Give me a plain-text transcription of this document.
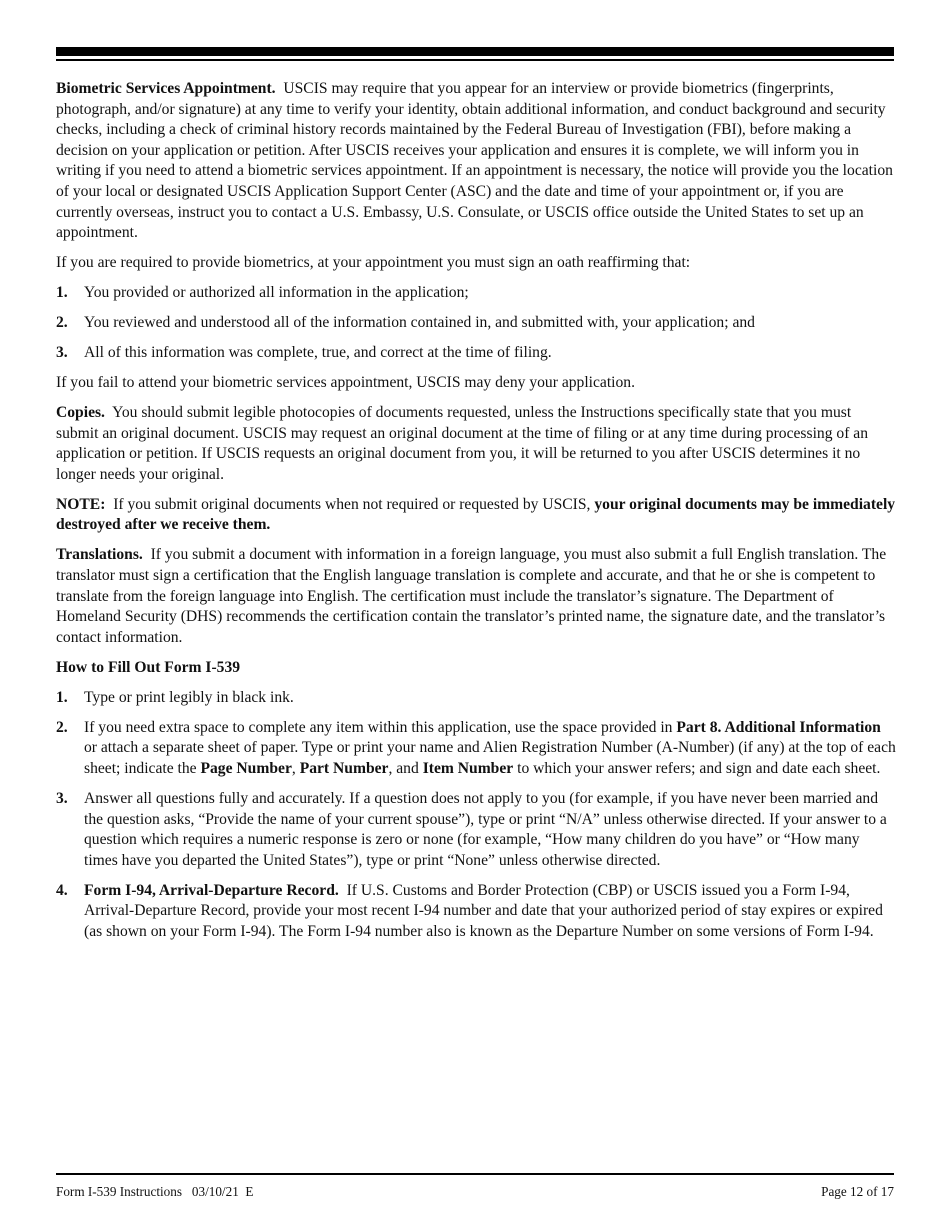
Biometric Services Appointment. USCIS may require that you appear for an interview or provide biometrics (fingerprints, photograph, and/or signature) at any time to verify your identity, obtain additional information, and conduct background and security checks, including a check of criminal history records maintained by the Federal Bureau of Investigation (FBI), before making a decision on your application or petition. After USCIS receives your application and ensures it is complete, we will inform you in writing if you need to attend a biometric services appointment. If an appointment is necessary, the notice will provide you the location of your local or designated USCIS Application Support Center (ASC) and the date and time of your appointment or, if you are currently overseas, instruct you to contact a U.S. Embassy, U.S. Consulate, or USCIS office outside the United States to set up an appointment.

If you are required to provide biometrics, at your appointment you must sign an oath reaffirming that:

1.	You provided or authorized all information in the application;
2.	You reviewed and understood all of the information contained in, and submitted with, your application; and
3.	All of this information was complete, true, and correct at the time of filing.

If you fail to attend your biometric services appointment, USCIS may deny your application.

Copies. You should submit legible photocopies of documents requested, unless the Instructions specifically state that you must submit an original document. USCIS may request an original document at the time of filing or at any time during processing of an application or petition. If USCIS requests an original document from you, it will be returned to you after USCIS determines it no longer needs your original.

NOTE: If you submit original documents when not required or requested by USCIS, your original documents may be immediately destroyed after we receive them.

Translations. If you submit a document with information in a foreign language, you must also submit a full English translation. The translator must sign a certification that the English language translation is complete and accurate, and that he or she is competent to translate from the foreign language into English. The certification must include the translator’s signature. The Department of Homeland Security (DHS) recommends the certification contain the translator’s printed name, the signature date, and the translator’s contact information.

How to Fill Out Form I-539

1.	Type or print legibly in black ink.
2.	If you need extra space to complete any item within this application, use the space provided in Part 8. Additional Information or attach a separate sheet of paper. Type or print your name and Alien Registration Number (A-Number) (if any) at the top of each sheet; indicate the Page Number, Part Number, and Item Number to which your answer refers; and sign and date each sheet.
3.	Answer all questions fully and accurately. If a question does not apply to you (for example, if you have never been married and the question asks, “Provide the name of your current spouse”), type or print “N/A” unless otherwise directed. If your answer to a question which requires a numeric response is zero or none (for example, “How many children do you have” or “How many times have you departed the United States”), type or print “None” unless otherwise directed.
4.	Form I-94, Arrival-Departure Record. If U.S. Customs and Border Protection (CBP) or USCIS issued you a Form I-94, Arrival-Departure Record, provide your most recent I-94 number and date that your authorized period of stay expires or expired (as shown on your Form I-94). The Form I-94 number also is known as the Departure Number on some versions of Form I-94.
Form I-539 Instructions   03/10/21  E	Page 12 of 17
